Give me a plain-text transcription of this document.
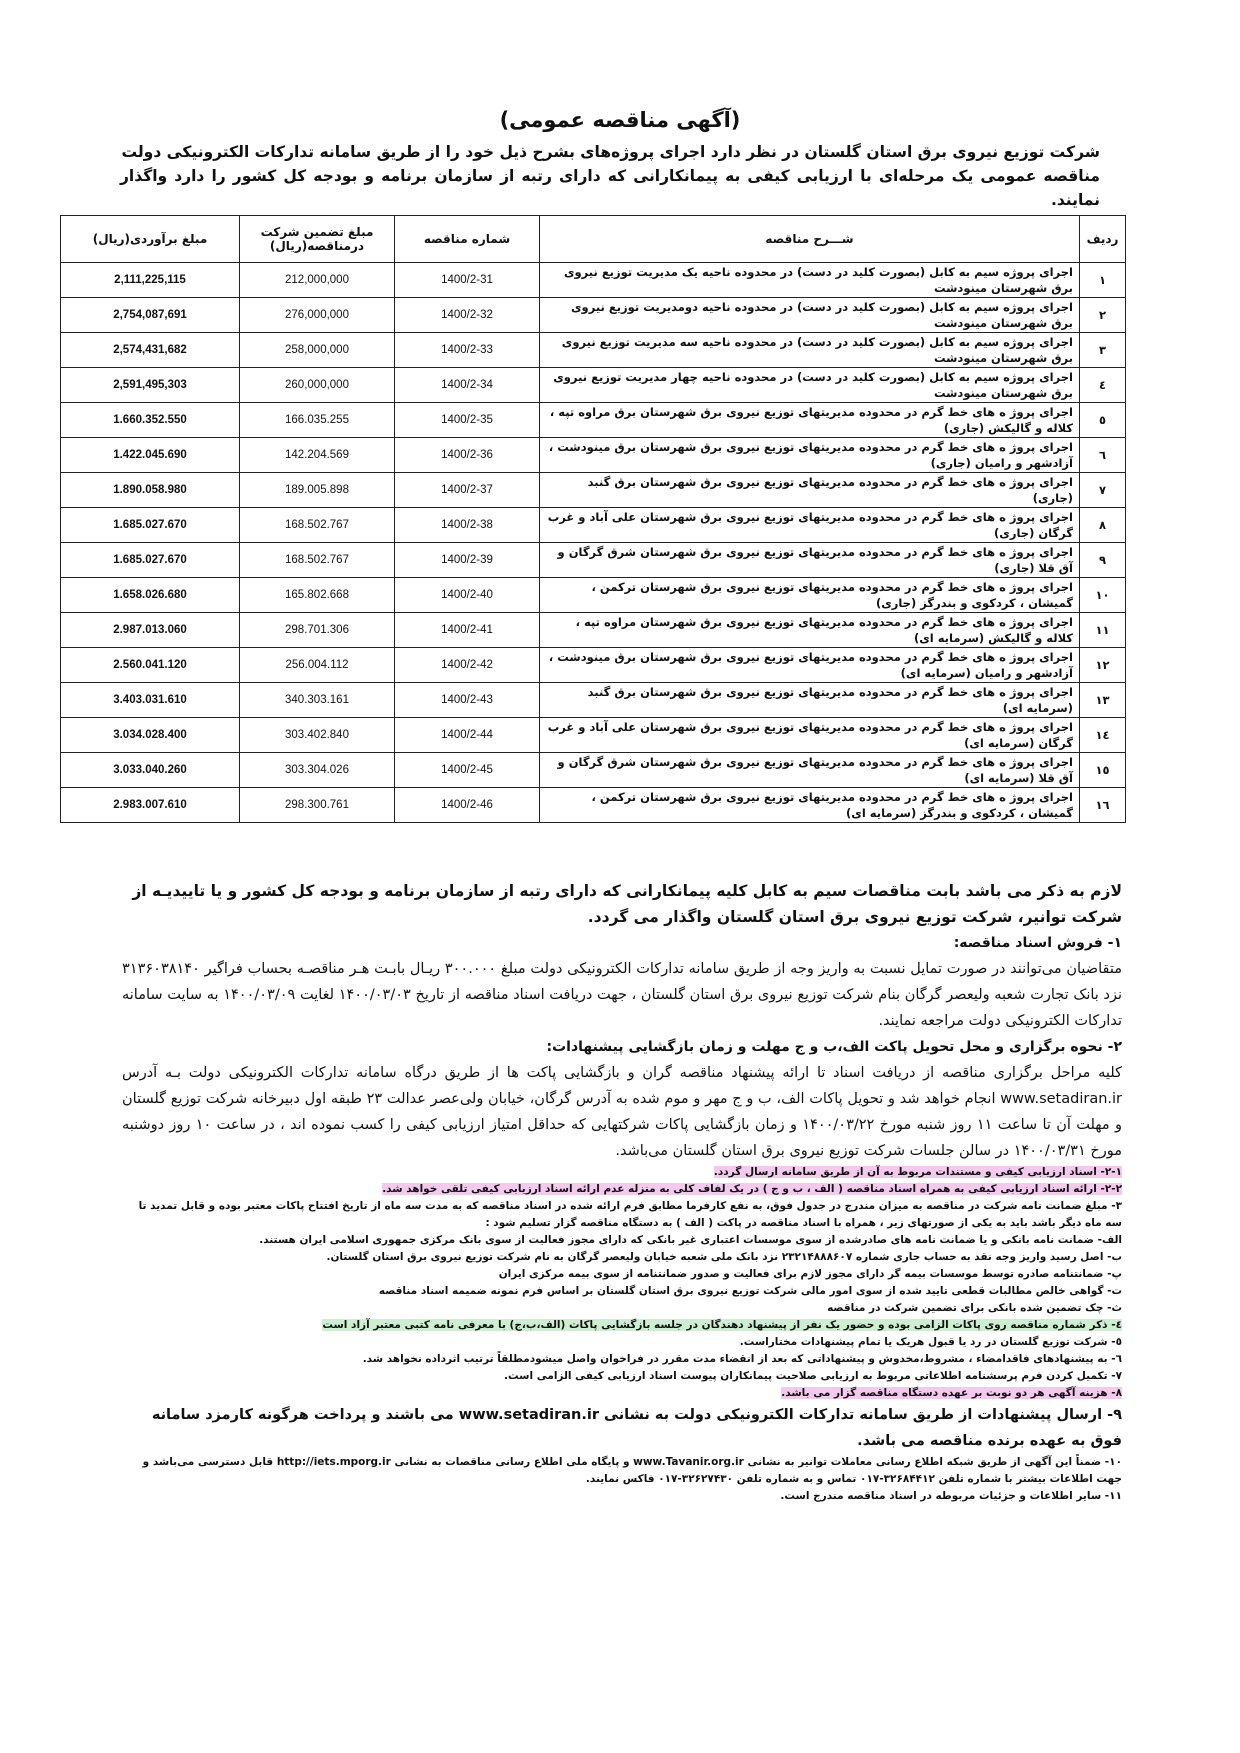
(آگهی مناقصه عمومی)
شرکت توزیع نیروی برق استان گلستان در نظر دارد اجرای پروژه‌های بشرح ذیل خود را از طریق سامانه تدارکات الکترونیکی دولت
مناقصه عمومی یک مرحله‌ای با ارزیابی کیفی به پیمانکارانی که دارای رتبه از سازمان برنامه و بودجه کل کشور را دارد واگذار نمایند.
ردیف	شـــرح مناقصه	شماره مناقصه	مبلغ تضمین شرکت درمناقصه(ریال)	مبلغ برآوردی(ریال)
۱	اجرای پروژه سیم به کابل (بصورت کلید در دست) در محدوده ناحیه یک مدیریت توزیع نیروی برق شهرستان مینودشت	1400/2-31	212,000,000	2,111,225,115
۲	اجرای پروژه سیم به کابل (بصورت کلید در دست) در محدوده ناحیه دومدیریت توزیع نیروی برق شهرستان مینودشت	1400/2-32	276,000,000	2,754,087,691
۳	اجرای پروژه سیم به کابل (بصورت کلید در دست) در محدوده ناحیه سه مدیریت توزیع نیروی برق شهرستان مینودشت	1400/2-33	258,000,000	2,574,431,682
٤	اجرای پروژه سیم به کابل (بصورت کلید در دست) در محدوده ناحیه چهار مدیریت توزیع نیروی برق شهرستان مینودشت	1400/2-34	260,000,000	2,591,495,303
٥	اجرای پروژ ه های خط گرم در محدوده مدیریتهای توزیع نیروی برق شهرستان برق مراوه تپه ، کلاله و گالیکش (جاری)	1400/2-35	166.035.255	1.660.352.550
٦	اجرای پروژ ه های خط گرم در محدوده مدیریتهای توزیع نیروی برق شهرستان برق مینودشت ، آزادشهر و رامیان (جاری)	1400/2-36	142.204.569	1.422.045.690
۷	اجرای پروژ ه های خط گرم در محدوده مدیریتهای توزیع نیروی برق شهرستان برق گنبد (جاری)	1400/2-37	189.005.898	1.890.058.980
۸	اجرای پروژ ه های خط گرم در محدوده مدیریتهای توزیع نیروی برق شهرستان علی آباد و غرب گرگان (جاری)	1400/2-38	168.502.767	1.685.027.670
۹	اجرای پروژ ه های خط گرم در محدوده مدیریتهای توزیع نیروی برق شهرستان شرق گرگان و آق قلا (جاری)	1400/2-39	168.502.767	1.685.027.670
۱۰	اجرای پروژ ه های خط گرم در محدوده مدیریتهای توزیع نیروی برق شهرستان ترکمن ، گمیشان ، کردکوی و بندرگز (جاری)	1400/2-40	165.802.668	1.658.026.680
۱۱	اجرای پروژ ه های خط گرم در محدوده مدیریتهای توزیع نیروی برق شهرستان مراوه تپه ، کلاله و گالیکش (سرمایه ای)	1400/2-41	298.701.306	2.987.013.060
۱۲	اجرای پروژ ه های خط گرم در محدوده مدیریتهای توزیع نیروی برق شهرستان برق مینودشت ، آزادشهر و رامیان (سرمایه ای)	1400/2-42	256.004.112	2.560.041.120
۱۳	اجرای پروژ ه های خط گرم در محدوده مدیریتهای توزیع نیروی برق شهرستان برق گنبد (سرمایه ای)	1400/2-43	340.303.161	3.403.031.610
۱٤	اجرای پروژ ه های خط گرم در محدوده مدیریتهای توزیع نیروی برق شهرستان علی آباد و غرب گرگان (سرمایه ای)	1400/2-44	303.402.840	3.034.028.400
۱٥	اجرای پروژ ه های خط گرم در محدوده مدیریتهای توزیع نیروی برق شهرستان شرق گرگان و آق قلا (سرمایه ای)	1400/2-45	303.304.026	3.033.040.260
۱٦	اجرای پروژ ه های خط گرم در محدوده مدیریتهای توزیع نیروی برق شهرستان ترکمن ، گمیشان ، کردکوی و بندرگز (سرمایه ای)	1400/2-46	298.300.761	2.983.007.610

لازم به ذکر می باشد بابت مناقصات سیم به کابل کلیه پیمانکارانی که دارای رتبه از سازمان برنامه و بودجه کل کشور و یا تاییدیـه از شرکت توانیر، شرکت توزیع نیروی برق استان گلستان واگذار می گردد.

۱- فروش اسناد مناقصه:

متقاضیان می‌توانند در صورت تمایل نسبت به واریز وجه از طریق سامانه تدارکات الکترونیکی دولت مبلغ ۳۰۰.۰۰۰ ریـال بابـت هـر مناقصـه بحساب فراگیر ۳۱۳۶۰۳۸۱۴۰ نزد بانک تجارت شعبه ولیعصر گرگان بنام شرکت توزیع نیروی برق استان گلستان ، جهت دریافت اسناد مناقصه از تاریخ ۱۴۰۰/۰۳/۰۳ لغایت ۱۴۰۰/۰۳/۰۹ به سایت سامانه تدارکات الکترونیکی دولت مراجعه نمایند.

۲- نحوه برگزاری و محل تحویل پاکت الف،ب و ج مهلت و زمان بازگشایی پیشنهادات:

کلیه مراحل برگزاری مناقصه از دریافت اسناد تا ارائه پیشنهاد مناقصه گران و بازگشایی پاکت ها از طریق درگاه سامانه تدارکات الکترونیکی دولت بـه آدرس www.setadiran.ir انجام خواهد شد و تحویل پاکات الف، ب و ج مهر و موم شده به آدرس گرگان، خیابان ولی‌عصر عدالت ۲۳ طبقه اول دبیرخانه شرکت توزیع گلستان و مهلت آن تا ساعت ۱۱ روز شنبه مورخ ۱۴۰۰/۰۳/۲۲ و زمان بازگشایی پاکات شرکتهایی که حداقل امتیاز ارزیابی کیفی را کسب نموده اند ، در ساعت ۱۰ روز دوشنبه مورخ ۱۴۰۰/۰۳/۳۱ در سالن جلسات شرکت توزیع نیروی برق استان گلستان می‌باشد.

۲-۱- اسناد ارزیابی کیفی و مستندات مربوط به آن از طریق سامانه ارسال گردد.

۲-۲- ارائه اسناد ارزیابی کیفی به همراه اسناد مناقصه ( الف ، ب و ج ) در یک لفاف کلی به منزله عدم ارائه اسناد ارزیابی کیفی تلقی خواهد شد.

۳- مبلغ ضمانت نامه شرکت در مناقصه به میزان مندرج در جدول فوق، به نفع کارفرما مطابق فرم ارائه شده در اسناد مناقصه که به مدت سه ماه از تاریخ افتتاح پاکات معتبر بوده و قابل تمدید تا سه ماه دیگر باشد باید به یکی از صورتهای زیر ، همراه با اسناد مناقصه در پاکت ( الف ) به دستگاه مناقصه گزار تسلیم شود :

الف- ضمانت نامه بانکی و یا ضمانت نامه های صادرشده از سوی موسسات اعتباری غیر بانکی که دارای مجوز فعالیت از سوی بانک مرکزی جمهوری اسلامی ایران هستند.

ب- اصل رسید واریز وجه نقد به حساب جاری شماره ۲۳۲۱۴۸۸۸۶۰۷ نزد بانک ملی شعبه خیابان ولیعصر گرگان به نام شرکت توزیع نیروی برق استان گلستان.

پ- ضمانتنامه صادره توسط موسسات بیمه گر دارای مجوز لازم برای فعالیت و صدور ضمانتنامه از سوی بیمه مرکزی ایران

ت- گواهی خالص مطالبات قطعی تایید شده از سوی امور مالی شرکت توزیع نیروی برق استان گلستان بر اساس فرم نمونه ضمیمه اسناد مناقصه

ث- چک تضمین شده بانکی برای تضمین شرکت در مناقصه

٤- ذکر شماره مناقصه روی پاکات الزامی بوده و حضور یک نفر از پیشنهاد دهندگان در جلسه بازگشایی پاکات (الف،ب،ج) با معرفی نامه کتبی معتبر آزاد است

٥- شرکت توزیع گلستان در رد یا قبول هریک یا تمام پیشنهادات مختاراست.

٦- به پیشنهادهای فاقدامضاء ، مشروط،مخدوش و پیشنهاداتی که بعد از انقضاء مدت مقرر در فراخوان واصل میشودمطلقاً ترتیب اثرداده نخواهد شد.

۷- تکمیل کردن فرم پرسشنامه اطلاعاتی مربوط به ارزیابی صلاحیت پیمانکاران پیوست اسناد ارزیابی کیفی الزامی است.

۸- هزینه آگهی هر دو نوبت بر عهده دستگاه مناقصه گزار می باشد.

۹- ارسال پیشنهادات از طریق سامانه تدارکات الکترونیکی دولت به نشانی www.setadiran.ir می باشند و پرداخت هرگونه کارمزد سامانه فوق به عهده برنده مناقصه می باشد.

۱۰- ضمناً این آگهی از طریق شبکه اطلاع رسانی معاملات توانیر به نشانی www.Tavanir.org.ir و پایگاه ملی اطلاع رسانی مناقصات به نشانی http://iets.mporg.ir قابل دسترسی می‌باشد و جهت اطلاعات بیشتر با شماره تلفن ۳۲۶۸۴۴۱۲-۰۱۷ تماس و به شماره تلفن ۳۲۶۲۷۴۳۰-۰۱۷ فاکس نمایند.

۱۱- سایر اطلاعات و جزئیات مربوطه در اسناد مناقصه مندرج است.
